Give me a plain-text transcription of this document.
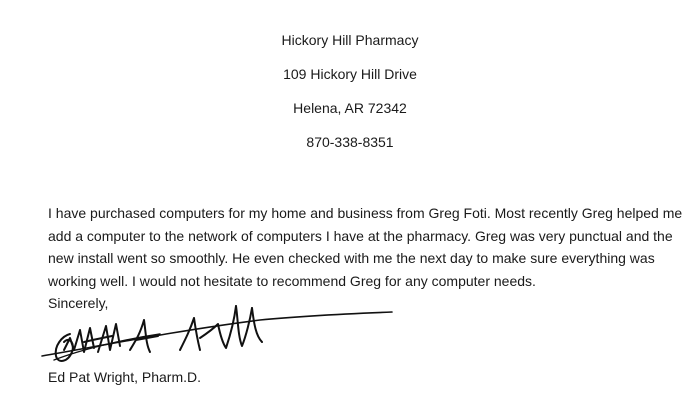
Hickory Hill Pharmacy
109 Hickory Hill Drive
Helena, AR 72342
870-338-8351
I have purchased computers for my home and business from Greg Foti. Most recently Greg helped me
add a computer to the network of computers I have at the pharmacy. Greg was very punctual and the
new install went so smoothly. He even checked with me the next day to make sure everything was
working well. I would not hesitate to recommend Greg for any computer needs.
Sincerely,
Ed Pat Wright, Pharm.D.
